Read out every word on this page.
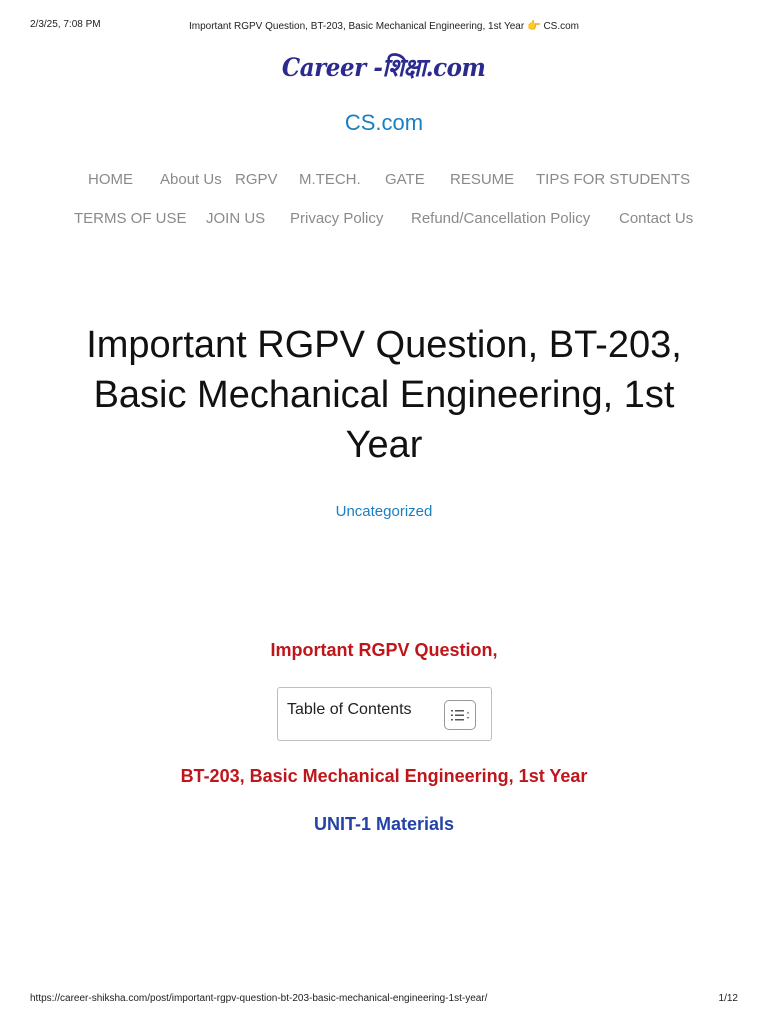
2/3/25, 7:08 PM	Important RGPV Question, BT-203, Basic Mechanical Engineering, 1st Year 👉 CS.com
Career -शिक्षा.com
CS.com
HOME About Us RGPV M.TECH. GATE RESUME TIPS FOR STUDENTS
TERMS OF USE JOIN US Privacy Policy Refund/Cancellation Policy Contact Us
Important RGPV Question, BT-203, Basic Mechanical Engineering, 1st Year
Uncategorized
Important RGPV Question,
Table of Contents
BT-203, Basic Mechanical Engineering, 1st Year
UNIT-1 Materials
https://career-shiksha.com/post/important-rgpv-question-bt-203-basic-mechanical-engineering-1st-year/	1/12
